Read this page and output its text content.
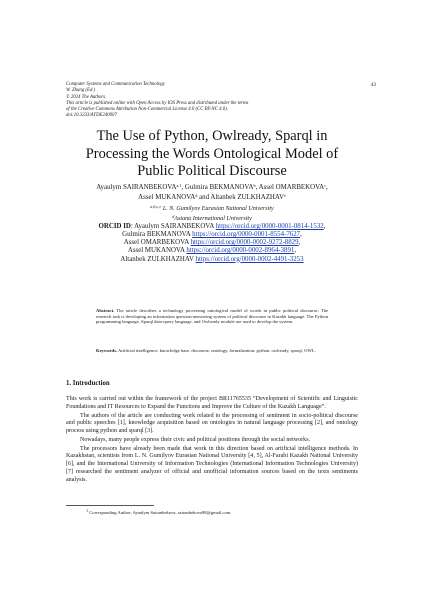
43
Computer Systems and Communication Technology
W. Zhang (Ed.)
© 2024 The Authors.
This article is published online with Open Access by IOS Press and distributed under the terms
of the Creative Commons Attribution Non-Commercial License 4.0 (CC BY-NC 4.0).
doi:10.3233/ATDE240007
The Use of Python, Owlready, Sparql in
Processing the Words Ontological Model of
Public Political Discourse
Ayaulym SAIRANBEKOVA$^{a,1}$, Gulmira BEKMANOVA$^b$, Assel OMARBEKOVA$^c$,
Assel MUKANOVA$^d$ and Altanbek ZULKHAZHAV$^e$
$^{a,b,c,e}$ L. N. Gumilyov Eurasian National University
$^d$Astana International University
ORCID ID: Ayaulym SAIRANBEKOVA https://orcid.org/0000-0001-0814-1532,
Gulmira BEKMANOVA https://orcid.org/0000-0001-8554-7627,
Assel OMARBEKOVA https://orcid.org/0000-0002-9272-8829,
Assel MUKANOVA https://orcid.org/0000-0002-8964-3891,
Altanbek ZULKHAZHAV https://orcid.org/0000-0002-4491-3253
Abstract. The article describes a technology processing ontological model of words in public political discourse. The research task is developing an information question-answering system of political discourse in Kazakh language. The Python programming language, Sparql data-query language, and Owlready module are used to develop the system.
Keywords. Artificial intelligence, knowledge base, discourse, ontology, formalization, python, owlready, sparql, OWL.
1. Introduction

This work is carried out within the framework of the project BR11765535 “Development of Scientific and Linguistic Foundations and IT Resources to Expand the Functions and Improve the Culture of the Kazakh Language”.

The authors of the article are conducting work related to the processing of sentiment in socio-political discourse and public speeches [1], knowledge acquisition based on ontologies in natural language processing [2], and ontology process using python and sparql [3].

Nowadays, many people express their civic and political positions through the social networks.

The processors have already been made that work in this direction based on artificial intelligence methods. In Kazakhstan, scientists from L. N. Gumilyov Eurasian National University [4, 5], Al-Farabi Kazakh National University [6], and the International University of Information Technologies (International Information Technologies University) [7] researched the sentiment analyzer of official and unofficial information sources based on the texts sentiments analysis.

1 Corresponding Author: Ayaulym Sairanbekova, sairanbekova98@gmail.com
